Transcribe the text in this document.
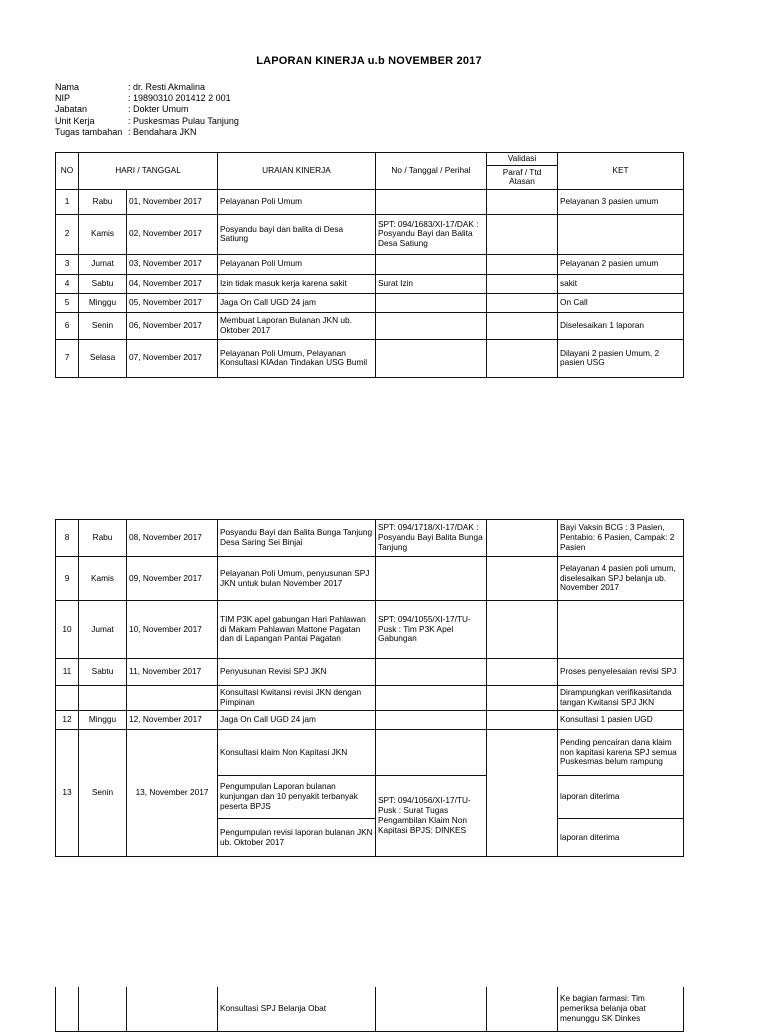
LAPORAN KINERJA u.b NOVEMBER 2017
Nama	: dr. Resti Akmalina
NIP	: 19890310 201412 2 001
Jabatan	: Dokter Umum
Unit Kerja	: Puskesmas Pulau Tanjung
Tugas tambahan : Bendahara JKN
NO	HARI / TANGGAL		URAIAN KINERJA	No / Tanggal / Perihal	Validasi	KET
					Paraf / Ttd Atasan	
1	Rabu	01, November 2017	Pelayanan Poli Umum			Pelayanan 3 pasien umum
2	Kamis	02, November 2017	Posyandu bayi dan balita di Desa Satiung	SPT: 094/1683/XI-17/DAK : Posyandu Bayi dan Balita Desa Satiung		
3	Jumat	03, November 2017	Pelayanan Poli Umum			Pelayanan 2 pasien umum
4	Sabtu	04, November 2017	Izin tidak masuk kerja karena sakit	Surat Izin		sakit
5	Minggu	05, November 2017	Jaga On Call UGD 24 jam			On Call
6	Senin	06, November 2017	Membuat Laporan Bulanan JKN ub. Oktober 2017			Diselesaikan 1 laporan
7	Selasa	07, November 2017	Pelayanan Poli Umum, Pelayanan Konsultasi KIAdan Tindakan USG Bumil			Dilayani 2 pasien Umum, 2 pasien USG
8	Rabu	08, November 2017	Posyandu Bayi dan Balita Bunga Tanjung Desa Saring Sei Binjai	SPT: 094/1718/XI-17/DAK : Posyandu Bayi Balita Bunga Tanjung		Bayi Vaksin BCG : 3 Pasien, Pentabio: 6 Pasien, Campak: 2 Pasien
9	Kamis	09, November 2017	Pelayanan Poli Umum, penyusunan SPJ JKN untuk bulan November 2017			Pelayanan 4 pasien poli umum, diselesaikan SPJ belanja ub. November 2017
10	Jumat	10, November 2017	TIM P3K apel gabungan Hari Pahlawan di Makam Pahlawan Mattone Pagatan dan di Lapangan Pantai Pagatan	SPT: 094/1055/XI-17/TU-Pusk : Tim P3K Apel Gabungan		
11	Sabtu	11, November 2017	Penyusunan Revisi SPJ JKN			Proses penyelesaian revisi SPJ
			Konsultasi Kwitansi revisi JKN dengan Pimpinan			Dirampungkan verifikasi/tanda tangan Kwitansi SPJ JKN
12	Minggu	12, November 2017	Jaga On Call UGD 24 jam			Konsultasi 1 pasien UGD
13	Senin	13, November 2017	Konsultasi klaim Non Kapitasi JKN			Pending pencairan dana klaim non kapitasi karena SPJ semua Puskesmas belum rampung
			Pengumpulan Laporan bulanan kunjungan dan 10 penyakit terbanyak peserta BPJS	SPT: 094/1056/XI-17/TU-Pusk : Surat Tugas Pengambilan Klaim Non Kapitasi BPJS: DINKES		laporan diterima
			Pengumpulan revisi laporan bulanan JKN ub. Oktober 2017			laporan diterima
			Konsultasi SPJ Belanja Obat			Ke bagian farmasi: Tim pemeriksa belanja obat menunggu SK Dinkes
